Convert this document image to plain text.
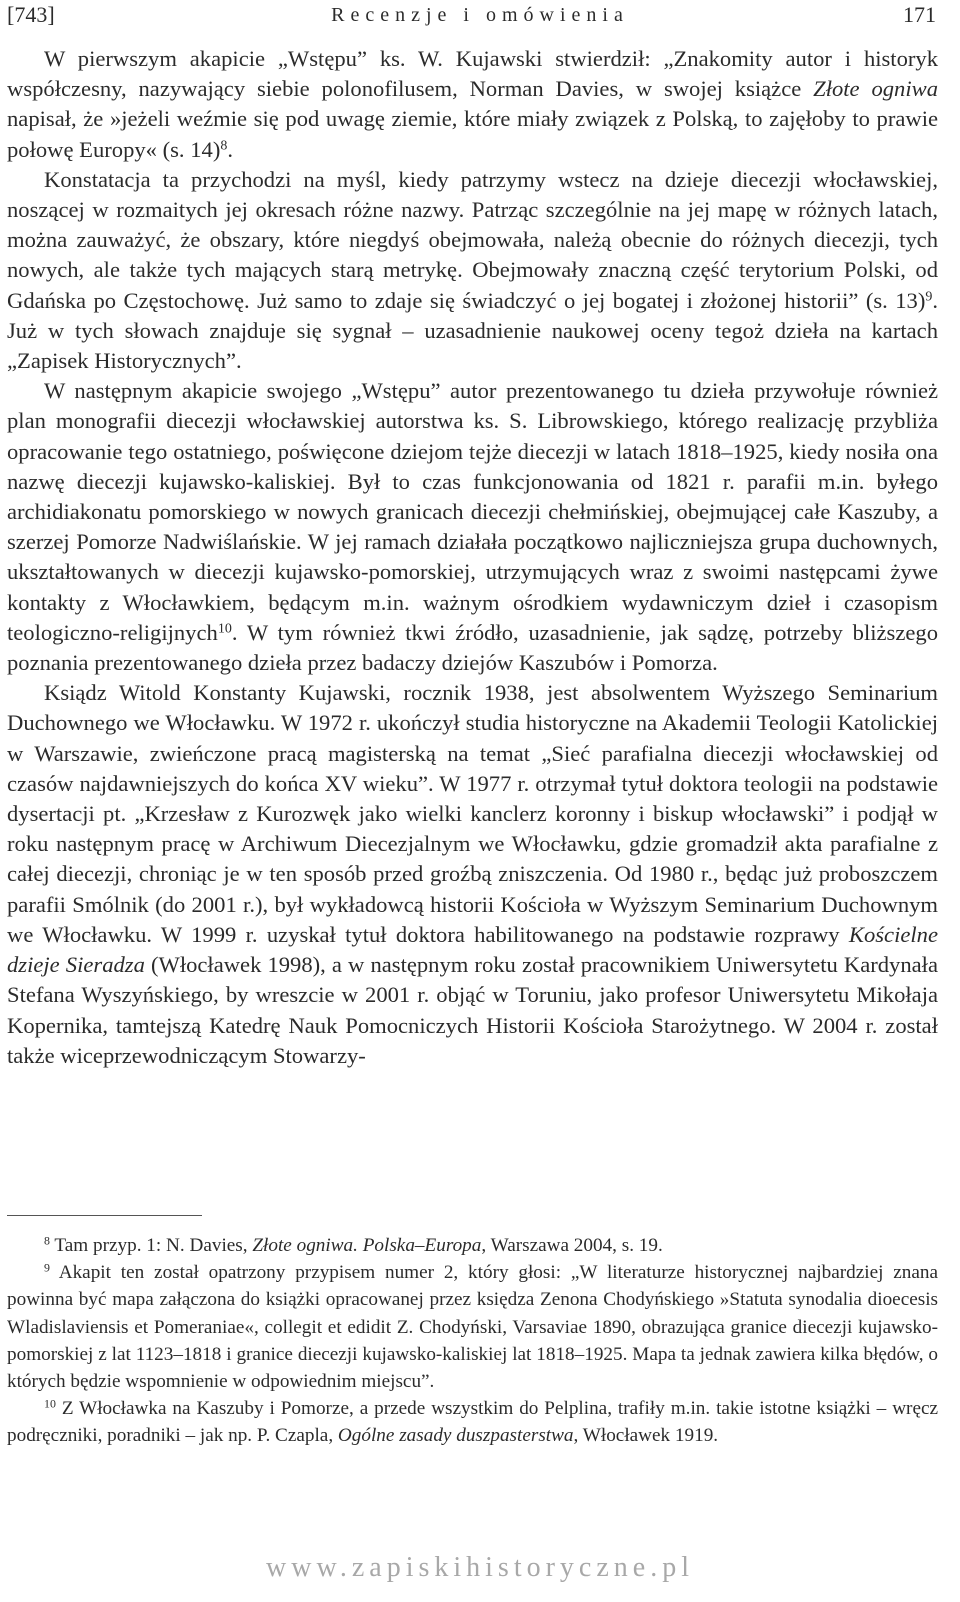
[743]	Recenzje i omówienia	171

W pierwszym akapicie „Wstępu” ks. W. Kujawski stwierdził: „Znakomity autor i historyk współczesny, nazywający siebie polonofilusem, Norman Davies, w swojej książce Złote ogniwa napisał, że »jeżeli weźmie się pod uwagę ziemie, które miały związek z Polską, to zajęłoby to prawie połowę Europy« (s. 14)$^8$.

Konstatacja ta przychodzi na myśl, kiedy patrzymy wstecz na dzieje diecezji włocławskiej, noszącej w rozmaitych jej okresach różne nazwy. Patrząc szczególnie na jej mapę w różnych latach, można zauważyć, że obszary, które niegdyś obejmowała, należą obecnie do różnych diecezji, tych nowych, ale także tych mających starą metrykę. Obejmowały znaczną część terytorium Polski, od Gdańska po Częstochowę. Już samo to zdaje się świadczyć o jej bogatej i złożonej historii” (s. 13)$^9$. Już w tych słowach znajduje się sygnał – uzasadnienie naukowej oceny tegoż dzieła na kartach „Zapisek Historycznych”.

W następnym akapicie swojego „Wstępu” autor prezentowanego tu dzieła przywołuje również plan monografii diecezji włocławskiej autorstwa ks. S. Librowskiego, którego realizację przybliża opracowanie tego ostatniego, poświęcone dziejom tejże diecezji w latach 1818–1925, kiedy nosiła ona nazwę diecezji kujawsko-kaliskiej. Był to czas funkcjonowania od 1821 r. parafii m.in. byłego archidiakonatu pomorskiego w nowych granicach diecezji chełmińskiej, obejmującej całe Kaszuby, a szerzej Pomorze Nadwiślańskie. W jej ramach działała początkowo najliczniejsza grupa duchownych, ukształtowanych w diecezji kujawsko-pomorskiej, utrzymujących wraz z swoimi następcami żywe kontakty z Włocławkiem, będącym m.in. ważnym ośrodkiem wydawniczym dzieł i czasopism teologiczno-religijnych$^{10}$. W tym również tkwi źródło, uzasadnienie, jak sądzę, potrzeby bliższego poznania prezentowanego dzieła przez badaczy dziejów Kaszubów i Pomorza.

Ksiądz Witold Konstanty Kujawski, rocznik 1938, jest absolwentem Wyższego Seminarium Duchownego we Włocławku. W 1972 r. ukończył studia historyczne na Akademii Teologii Katolickiej w Warszawie, zwieńczone pracą magisterską na temat „Sieć parafialna diecezji włocławskiej od czasów najdawniejszych do końca XV wieku”. W 1977 r. otrzymał tytuł doktora teologii na podstawie dysertacji pt. „Krzesław z Kurozwęk jako wielki kanclerz koronny i biskup włocławski” i podjął w roku następnym pracę w Archiwum Diecezjalnym we Włocławku, gdzie gromadził akta parafialne z całej diecezji, chroniąc je w ten sposób przed groźbą zniszczenia. Od 1980 r., będąc już proboszczem parafii Smólnik (do 2001 r.), był wykładowcą historii Kościoła w Wyższym Seminarium Duchownym we Włocławku. W 1999 r. uzyskał tytuł doktora habilitowanego na podstawie rozprawy Kościelne dzieje Sieradza (Włocławek 1998), a w następnym roku został pracownikiem Uniwersytetu Kardynała Stefana Wyszyńskiego, by wreszcie w 2001 r. objąć w Toruniu, jako profesor Uniwersytetu Mikołaja Kopernika, tamtejszą Katedrę Nauk Pomocniczych Historii Kościoła Starożytnego. W 2004 r. został także wiceprzewodniczącym Stowarzy-

$^8$ Tam przyp. 1: N. Davies, Złote ogniwa. Polska–Europa, Warszawa 2004, s. 19.

$^9$ Akapit ten został opatrzony przypisem numer 2, który głosi: „W literaturze historycznej najbardziej znana powinna być mapa załączona do książki opracowanej przez księdza Zenona Chodyńskiego »Statuta synodalia dioecesis Wladislaviensis et Pomeraniae«, collegit et edidit Z. Chodyński, Varsaviae 1890, obrazująca granice diecezji kujawsko-pomorskiej z lat 1123–1818 i granice diecezji kujawsko-kaliskiej lat 1818–1925. Mapa ta jednak zawiera kilka błędów, o których będzie wspomnienie w odpowiednim miejscu”.

$^{10}$ Z Włocławka na Kaszuby i Pomorze, a przede wszystkim do Pelplina, trafiły m.in. takie istotne książki – wręcz podręczniki, poradniki – jak np. P. Czapla, Ogólne zasady duszpasterstwa, Włocławek 1919.

www.zapiskihistoryczne.pl
